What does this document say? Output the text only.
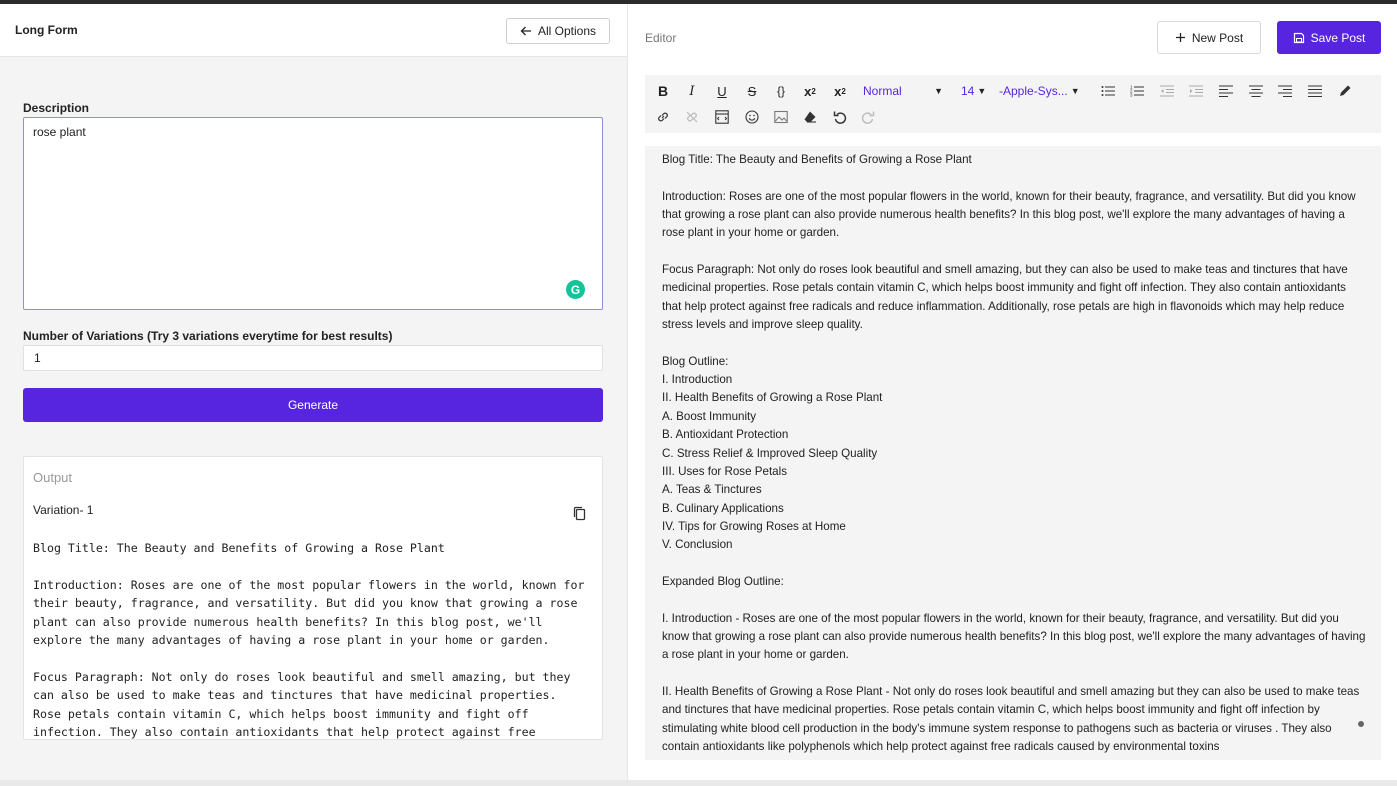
Long Form	All Options
Description
rose plant
G
Number of Variations (Try 3 variations everytime for best results)
1
Generate
Output
Variation- 1
Blog Title: The Beauty and Benefits of Growing a Rose Plant

Introduction: Roses are one of the most popular flowers in the world, known for
their beauty, fragrance, and versatility. But did you know that growing a rose
plant can also provide numerous health benefits? In this blog post, we'll
explore the many advantages of having a rose plant in your home or garden.

Focus Paragraph: Not only do roses look beautiful and smell amazing, but they
can also be used to make teas and tinctures that have medicinal properties.
Rose petals contain vitamin C, which helps boost immunity and fight off
infection. They also contain antioxidants that help protect against free
Editor	New Post	Save Post
B	I	U	S	{}	x 2	x 2 Normal	▼ 14 ▼ -Apple-Sys... ▼	1
2
3
Blog Title: The Beauty and Benefits of Growing a Rose Plant

Introduction: Roses are one of the most popular flowers in the world, known for their beauty, fragrance, and versatility. But did you know that growing a rose plant can also provide numerous health benefits? In this blog post, we'll explore the many advantages of having a rose plant in your home or garden.

Focus Paragraph: Not only do roses look beautiful and smell amazing, but they can also be used to make teas and tinctures that have medicinal properties. Rose petals contain vitamin C, which helps boost immunity and fight off infection. They also contain antioxidants that help protect against free radicals and reduce inflammation. Additionally, rose petals are high in flavonoids which may help reduce stress levels and improve sleep quality.

Blog Outline:
I. Introduction
II. Health Benefits of Growing a Rose Plant
A. Boost Immunity
B. Antioxidant Protection
C. Stress Relief & Improved Sleep Quality
III. Uses for Rose Petals
A. Teas & Tinctures
B. Culinary Applications
IV. Tips for Growing Roses at Home
V. Conclusion

Expanded Blog Outline:

I. Introduction - Roses are one of the most popular flowers in the world, known for their beauty, fragrance, and versatility. But did you know that growing a rose plant can also provide numerous health benefits? In this blog post, we'll explore the many advantages of having a rose plant in your home or garden.

II. Health Benefits of Growing a Rose Plant - Not only do roses look beautiful and smell amazing but they can also be used to make teas and tinctures that have medicinal properties. Rose petals contain vitamin C, which helps boost immunity and fight off infection by stimulating white blood cell production in the body's immune system response to pathogens such as bacteria or viruses . They also contain antioxidants like polyphenols which help protect against free radicals caused by environmental toxins
